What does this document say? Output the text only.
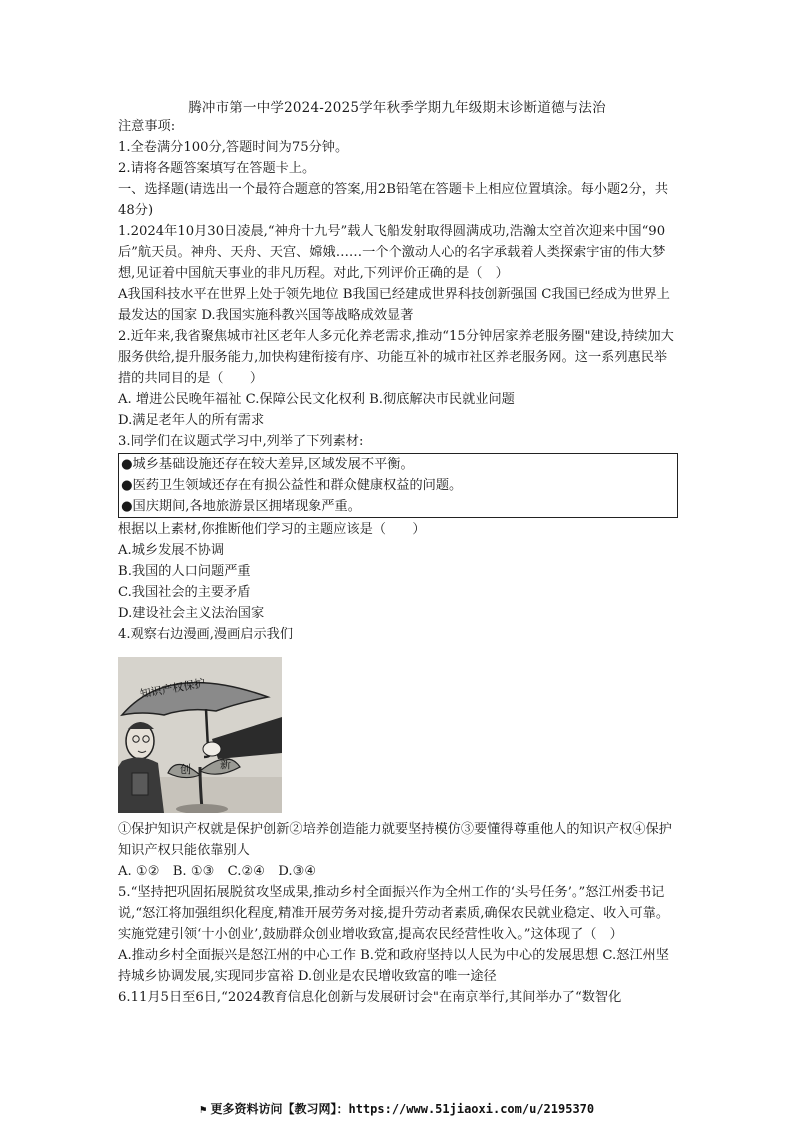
腾冲市第一中学2024-2025学年秋季学期九年级期末诊断道德与法治

注意事项:

1.全卷满分100分,答题时间为75分钟。

2.请将各题答案填写在答题卡上。

一、选择题(请选出一个最符合题意的答案,用2B铅笔在答题卡上相应位置填涂。每小题2分，共48分)

1.2024年10月30日凌晨,“神舟十九号”载人飞船发射取得圆满成功,浩瀚太空首次迎来中国“90后”航天员。神舟、天舟、天宫、嫦娥……一个个激动人心的名字承载着人类探索宇宙的伟大梦想,见证着中国航天事业的非凡历程。对此,下列评价正确的是（　）

A我国科技水平在世界上处于领先地位 B我国已经建成世界科技创新强国 C我国已经成为世界上最发达的国家 D.我国实施科教兴国等战略成效显著

2.近年来,我省聚焦城市社区老年人多元化养老需求,推动“15分钟居家养老服务圈"建设,持续加大服务供给,提升服务能力,加快构建衔接有序、功能互补的城市社区养老服务网。这一系列惠民举措的共同目的是（　　）

A. 增进公民晚年福祉 C.保障公民文化权利 B.彻底解决市民就业问题

D.满足老年人的所有需求

3.同学们在议题式学习中,列举了下列素材:

●城乡基础设施还存在较大差异,区域发展不平衡。

●医药卫生领域还存在有损公益性和群众健康权益的问题。

●国庆期间,各地旅游景区拥堵现象严重。

根据以上素材,你推断他们学习的主题应该是（　　）

A.城乡发展不协调

B.我国的人口问题严重

C.我国社会的主要矛盾

D.建设社会主义法治国家

4.观察右边漫画,漫画启示我们

知识产权保护
创	新

①保护知识产权就是保护创新②培养创造能力就要坚持模仿③要懂得尊重他人的知识产权④保护知识产权只能依靠别人

A. ①②　B. ①③　C.②④　D.③④

5.“坚持把巩固拓展脱贫攻坚成果,推动乡村全面振兴作为全州工作的‘头号任务’。”怒江州委书记说,“怒江将加强组织化程度,精准开展劳务对接,提升劳动者素质,确保农民就业稳定、收入可靠。实施党建引领‘十小创业’,鼓励群众创业增收致富,提高农民经营性收入。”这体现了（　）

A.推动乡村全面振兴是怒江州的中心工作 B.党和政府坚持以人民为中心的发展思想 C.怒江州坚持城乡协调发展,实现同步富裕 D.创业是农民增收致富的唯一途径

6.11月5日至6日,“2024教育信息化创新与发展研讨会"在南京举行,其间举办了“数智化

⚑ 更多资料访问【教习网】：https://www.51jiaoxi.com/u/2195370
